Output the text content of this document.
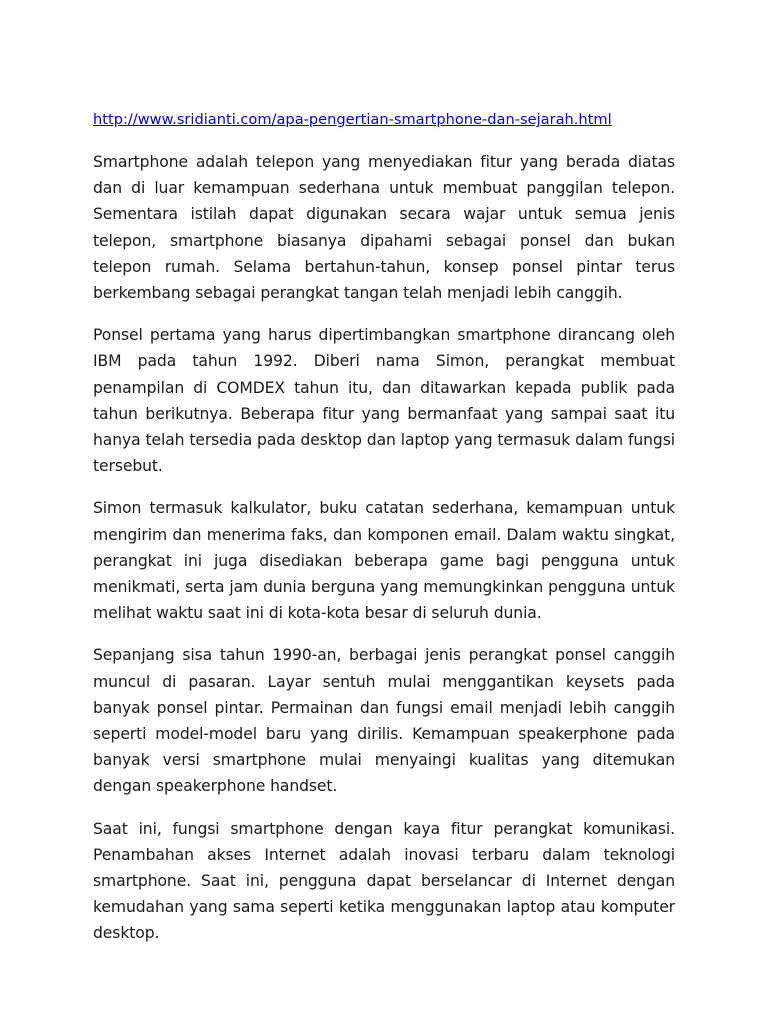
http://www.sridianti.com/apa-pengertian-smartphone-dan-sejarah.html

Smartphone adalah telepon yang menyediakan fitur yang berada diatas dan di luar kemampuan sederhana untuk membuat panggilan telepon. Sementara istilah dapat digunakan secara wajar untuk semua jenis telepon, smartphone biasanya dipahami sebagai ponsel dan bukan telepon rumah. Selama bertahun-tahun, konsep ponsel pintar terus berkembang sebagai perangkat tangan telah menjadi lebih canggih.

Ponsel pertama yang harus dipertimbangkan smartphone dirancang oleh IBM pada tahun 1992. Diberi nama Simon, perangkat membuat penampilan di COMDEX tahun itu, dan ditawarkan kepada publik pada tahun berikutnya. Beberapa fitur yang bermanfaat yang sampai saat itu hanya telah tersedia pada desktop dan laptop yang termasuk dalam fungsi tersebut.

Simon termasuk kalkulator, buku catatan sederhana, kemampuan untuk mengirim dan menerima faks, dan komponen email. Dalam waktu singkat, perangkat ini juga disediakan beberapa game bagi pengguna untuk menikmati, serta jam dunia berguna yang memungkinkan pengguna untuk melihat waktu saat ini di kota-kota besar di seluruh dunia.

Sepanjang sisa tahun 1990-an, berbagai jenis perangkat ponsel canggih muncul di pasaran. Layar sentuh mulai menggantikan keysets pada banyak ponsel pintar. Permainan dan fungsi email menjadi lebih canggih seperti model-model baru yang dirilis. Kemampuan speakerphone pada banyak versi smartphone mulai menyaingi kualitas yang ditemukan dengan speakerphone handset.

Saat ini, fungsi smartphone dengan kaya fitur perangkat komunikasi. Penambahan akses Internet adalah inovasi terbaru dalam teknologi smartphone. Saat ini, pengguna dapat berselancar di Internet dengan kemudahan yang sama seperti ketika menggunakan laptop atau komputer desktop.
